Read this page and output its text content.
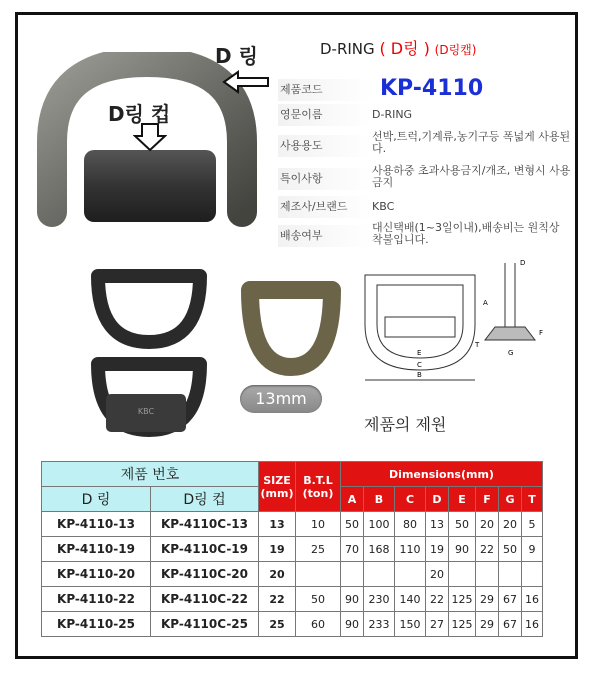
D 링
D링 컵
D-RING ( D링 ) (D링캡)
제품코드	KP-4110
영문이름	D-RING
사용용도
선박,트럭,기계류,농기구등 폭넓게 사용된다.
특이사항
사용하중 초과사용금지/개조, 변형시 사용금지
제조사/브랜드	KBC
배송여부
대신택배(1~3일이내),배송비는 원칙상 착불입니다.
KBC
13mm
D
A
E
C
B
F
T
G
제품의 제원
제품 번호		SIZE (mm)	B.T.L (ton)	Dimensions(mm)							
D 링	D링 컵			A	B	C	D	E	F	G	T
KP-4110-13	KP-4110C-13	13	10	50	100	80	13	50	20	20	5
KP-4110-19	KP-4110C-19	19	25	70	168	110	19	90	22	50	9
KP-4110-20	KP-4110C-20	20					20				
KP-4110-22	KP-4110C-22	22	50	90	230	140	22	125	29	67	16
KP-4110-25	KP-4110C-25	25	60	90	233	150	27	125	29	67	16
